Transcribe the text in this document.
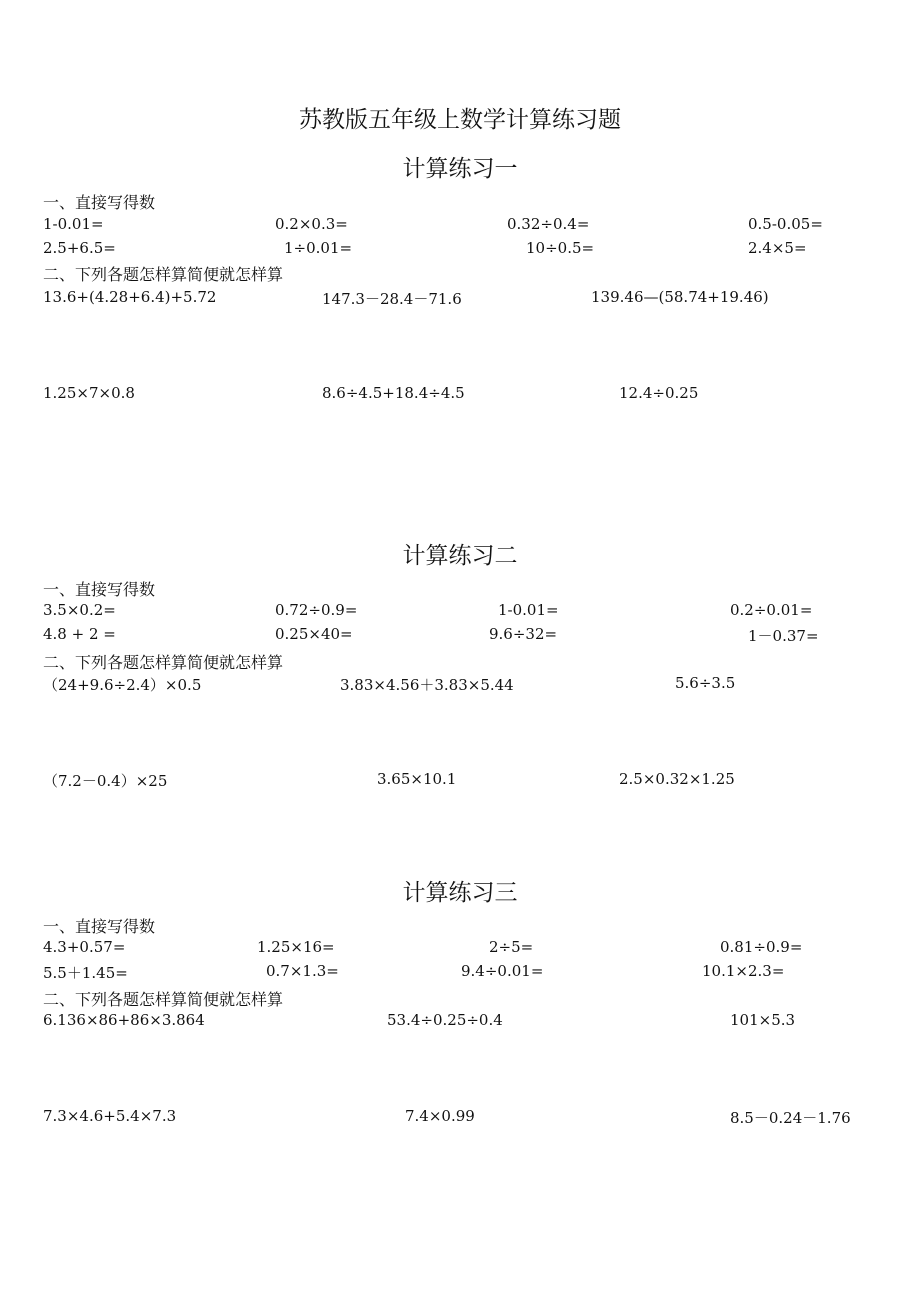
苏教版五年级上数学计算练习题
计算练习一
一、直接写得数
1-0.01=	0.2×0.3=	0.32÷0.4=	0.5-0.05=
2.5+6.5=	1÷0.01=	10÷0.5=	2.4×5=
二、下列各题怎样算简便就怎样算
13.6+(4.28+6.4)+5.72	147.3－28.4－71.6	139.46—(58.74+19.46)
1.25×7×0.8	8.6÷4.5+18.4÷4.5	12.4÷0.25
计算练习二
一、直接写得数
3.5×0.2=	0.72÷0.9=	1-0.01=	0.2÷0.01=
4.8 + 2 =	0.25×40=	9.6÷32=	1－0.37=
二、下列各题怎样算简便就怎样算
（24+9.6÷2.4）×0.5	3.83×4.56＋3.83×5.44	5.6÷3.5
（7.2－0.4）×25	3.65×10.1	2.5×0.32×1.25
计算练习三
一、直接写得数
4.3+0.57=	1.25×16=	2÷5=	0.81÷0.9=
5.5＋1.45=	0.7×1.3=	9.4÷0.01=	10.1×2.3=
二、下列各题怎样算简便就怎样算
6.136×86+86×3.864	53.4÷0.25÷0.4	101×5.3
7.3×4.6+5.4×7.3	7.4×0.99	8.5－0.24－1.76
